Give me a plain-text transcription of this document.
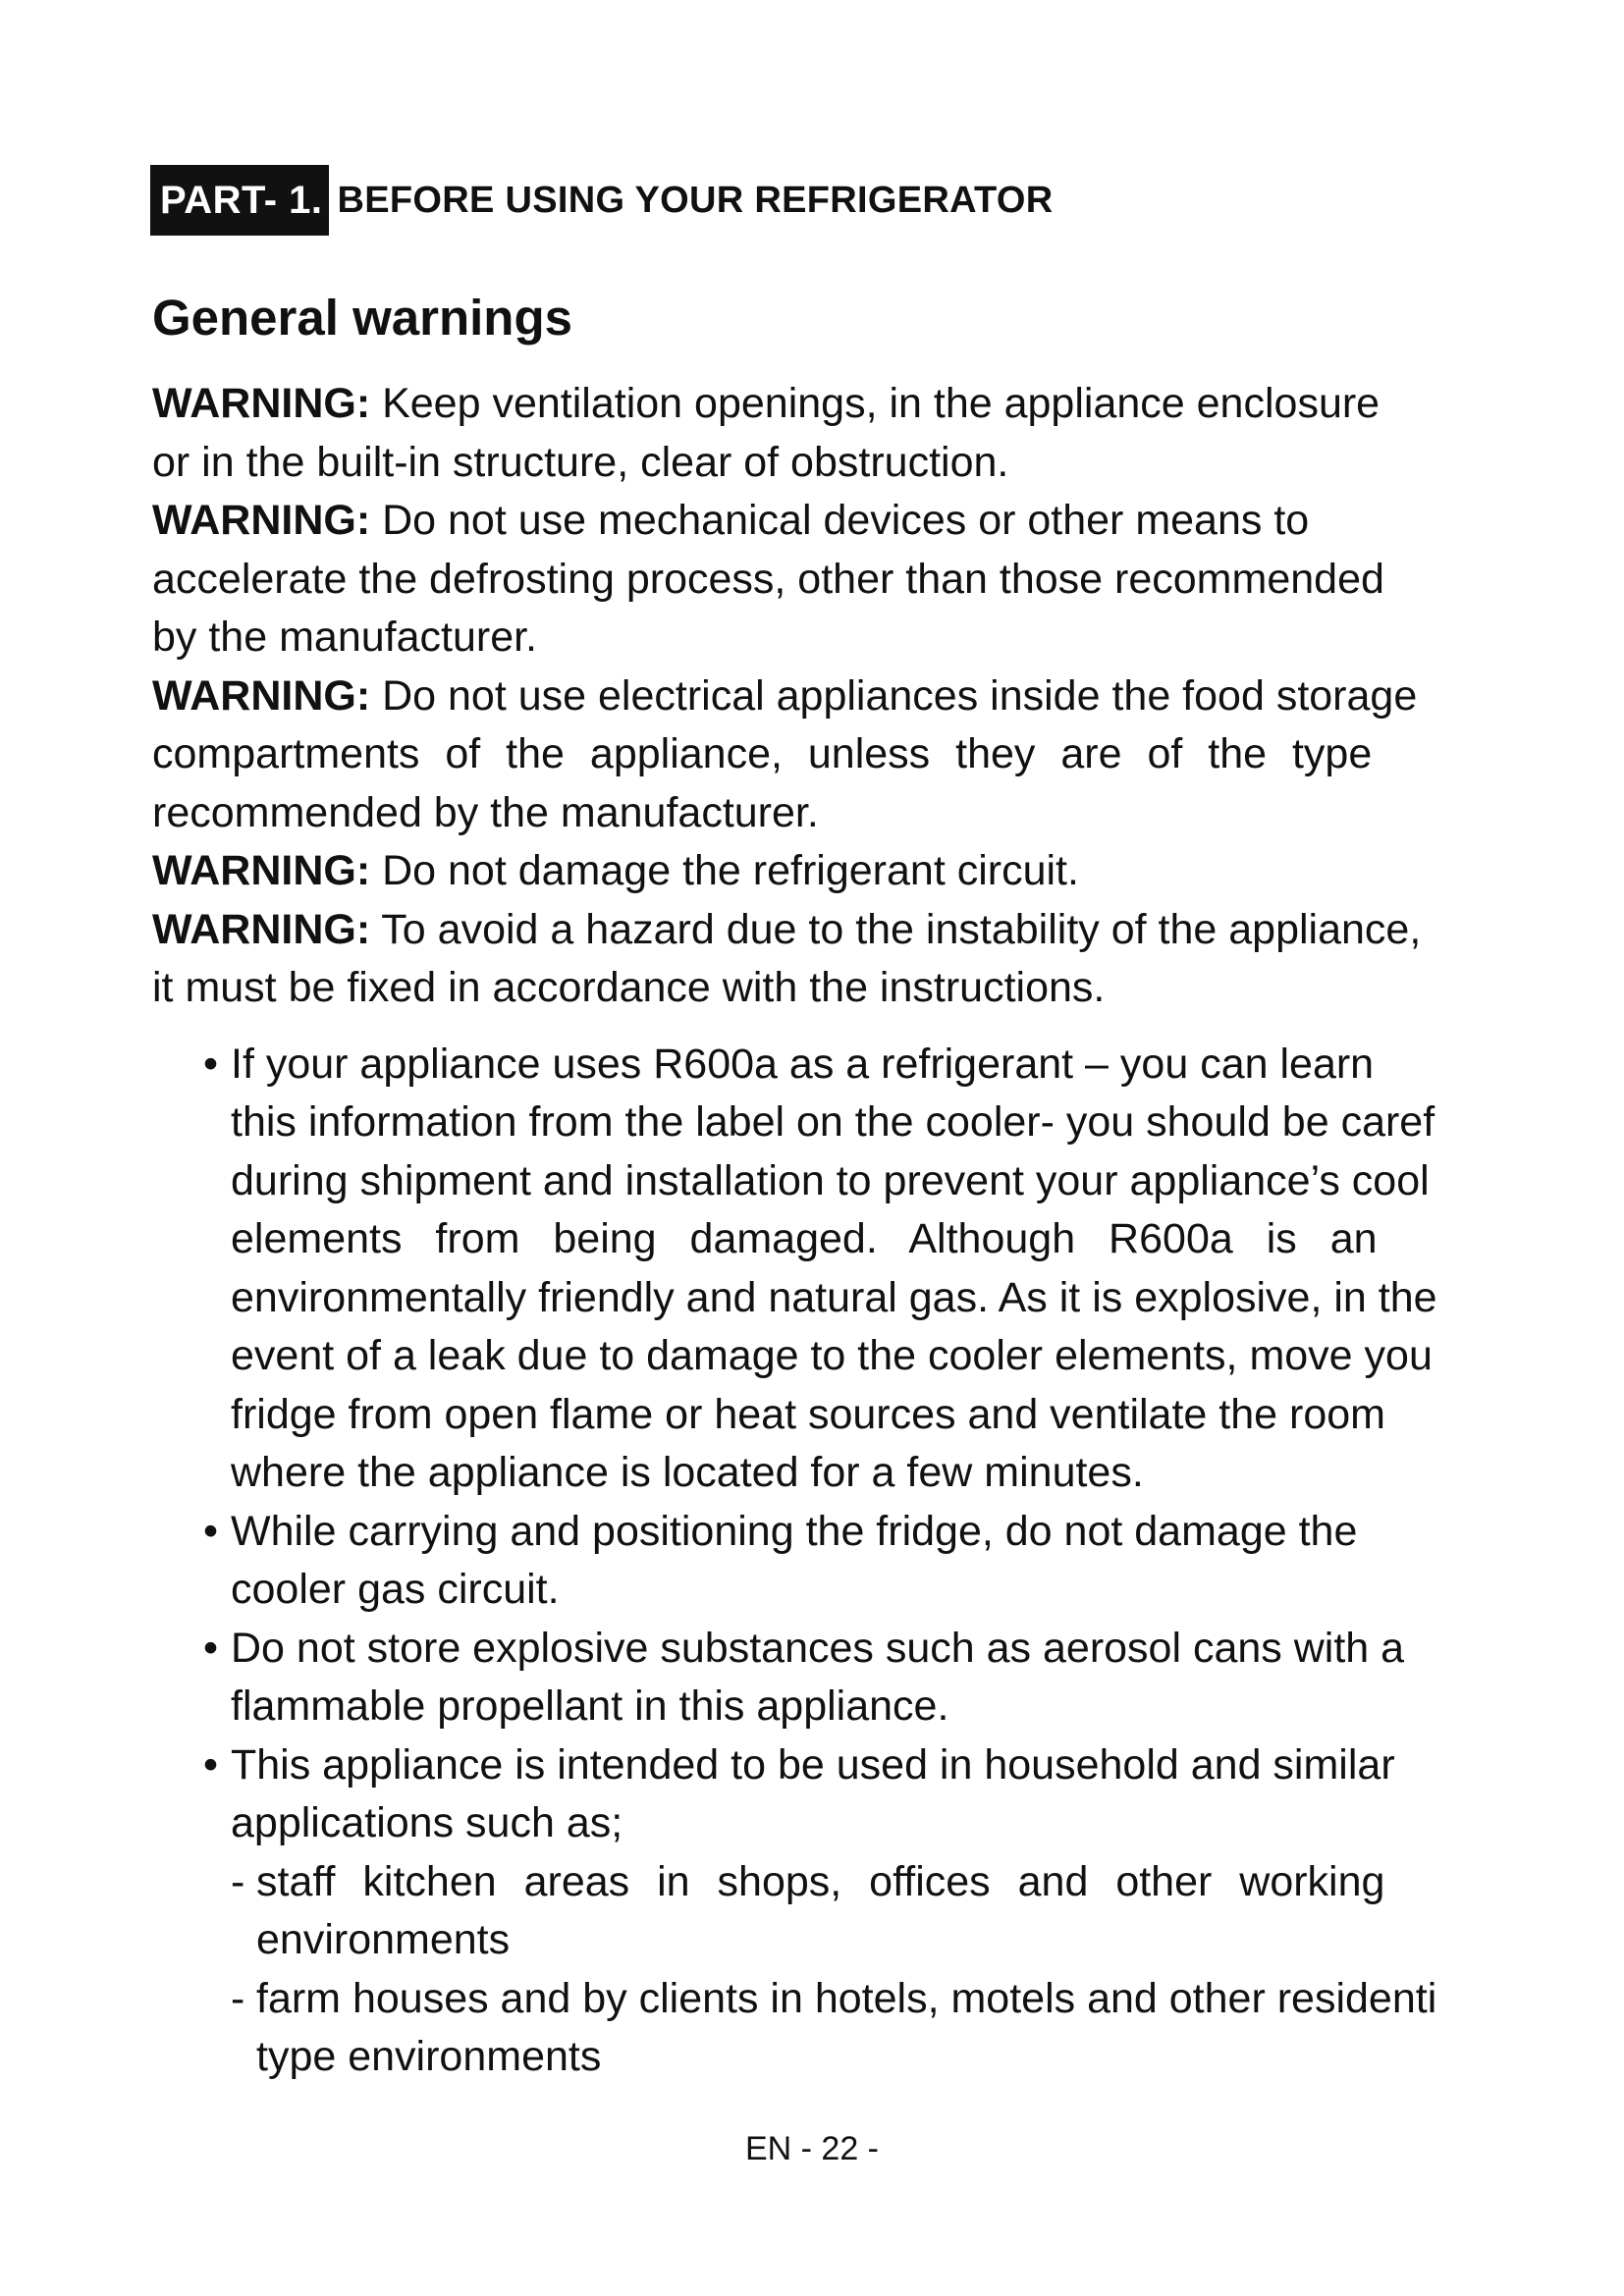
PART- 1. BEFORE USING YOUR REFRIGERATOR
General warnings

WARNING: Keep ventilation openings, in the appliance enclosure
or in the built-in structure, clear of obstruction.

WARNING: Do not use mechanical devices or other means to
accelerate the defrosting process, other than those recommended
by the manufacturer.

WARNING: Do not use electrical appliances inside the food storage
compartments of the appliance, unless they are of the type
recommended by the manufacturer.

WARNING: Do not damage the refrigerant circuit.

WARNING: To avoid a hazard due to the instability of the appliance,
it must be fixed in accordance with the instructions.

• If your appliance uses R600a as a refrigerant – you can learn
this information from the label on the cooler- you should be caref
during shipment and installation to prevent your appliance’s cool
elements from being damaged. Although R600a is an
environmentally friendly and natural gas. As it is explosive, in the
event of a leak due to damage to the cooler elements, move you
fridge from open flame or heat sources and ventilate the room
where the appliance is located for a few minutes.
• While carrying and positioning the fridge, do not damage the
cooler gas circuit.
• Do not store explosive substances such as aerosol cans with a
flammable propellant in this appliance.
• This appliance is intended to be used in household and similar
applications such as;
- staff kitchen areas in shops, offices and other working
environments
- farm houses and by clients in hotels, motels and other residenti
type environments
EN - 22 -
